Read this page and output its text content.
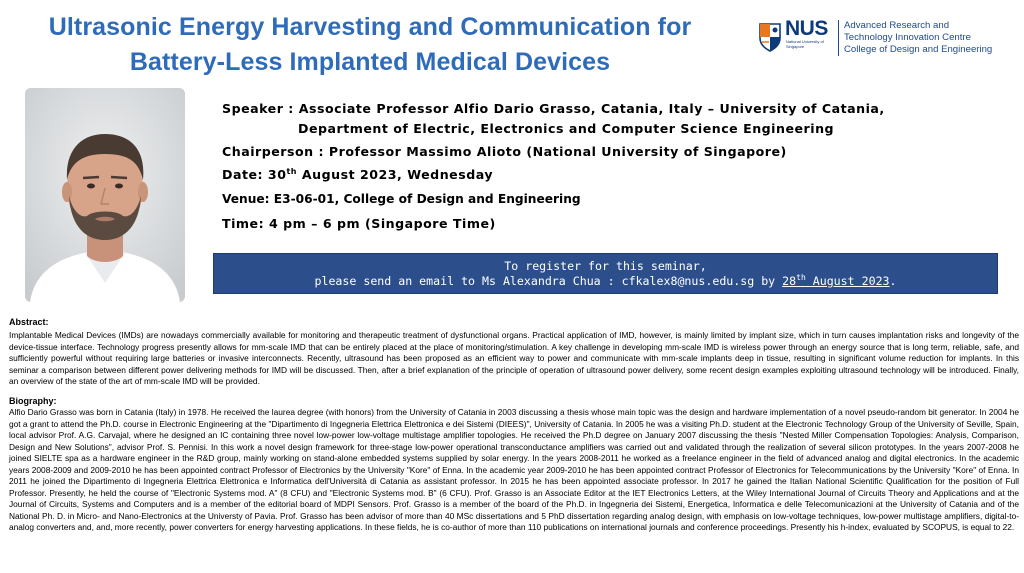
Ultrasonic Energy Harvesting and Communication for
Battery-Less Implanted Medical Devices
NUS
National University of Singapore
Advanced Research and
Technology Innovation Centre
College of Design and Engineering
Speaker : Associate Professor Alfio Dario Grasso, Catania, Italy – University of Catania,
Department of Electric, Electronics and Computer Science Engineering
Chairperson : Professor Massimo Alioto (National University of Singapore)
Date: 30th August 2023, Wednesday
Venue: E3-06-01, College of Design and Engineering
Time: 4 pm – 6 pm (Singapore Time)
To register for this seminar,
please send an email to Ms Alexandra Chua : cfkalex8@nus.edu.sg by 28th August 2023.
Abstract:
Implantable Medical Devices (IMDs) are nowadays commercially available for monitoring and therapeutic treatment of dysfunctional organs. Practical application of IMD, however, is mainly limited by implant size, which in turn causes implantation risks and longevity of the device-tissue interface. Technology progress presently allows for mm-scale IMD that can be entirely placed at the place of monitoring/stimulation. A key challenge in developing mm-scale IMD is wireless power through an energy source that is long term, reliable, safe, and sufficiently powerful without requiring large batteries or invasive interconnects. Recently, ultrasound has been proposed as an efficient way to power and communicate with mm-scale implants deep in tissue, resulting in significant volume reduction for implants. In this seminar a comparison between different power delivering methods for IMD will be discussed. Then, after a brief explanation of the principle of operation of ultrasound power delivery, some recent design examples exploiting ultrasound technology will be introduced. Finally, an overview of the state of the art of mm-scale IMD will be provided.
Biography:
Alfio Dario Grasso was born in Catania (Italy) in 1978. He received the laurea degree (with honors) from the University of Catania in 2003 discussing a thesis whose main topic was the design and hardware implementation of a novel pseudo-random bit generator. In 2004 he got a grant to attend the Ph.D. course in Electronic Engineering at the "Dipartimento di Ingegneria Elettrica Elettronica e dei Sistemi (DIEES)", University of Catania. In 2005 he was a visiting Ph.D. student at the Electronic Technology Group of the University of Seville, Spain, local advisor Prof. A.G. Carvajal, where he designed an IC containing three novel low-power low-voltage multistage amplifier topologies. He received the Ph.D degree on January 2007 discussing the thesis "Nested Miller Compensation Topologies: Analysis, Comparison, Design and New Solutions", advisor Prof. S. Pennisi. In this work a novel design framework for three-stage low-power operational transconductance amplifiers was carried out and validated through the realization of several silicon prototypes. In the years 2007-2008 he joined SIELTE spa as a hardware engineer in the R&D group, mainly working on stand-alone embedded systems supplied by solar energy. In the years 2008-2011 he worked as a freelance engineer in the field of advanced analog and digital electronics. In the academic years 2008-2009 and 2009-2010 he has been appointed contract Professor of Electronics by the University "Kore" of Enna. In the academic year 2009-2010 he has been appointed contract Professor of Electronics for Telecommunications by the University "Kore" of Enna. In 2011 he joined the Dipartimento di Ingegneria Elettrica Elettronica e Informatica dell'Università di Catania as assistant professor. In 2015 he has been appointed associate professor. In 2017 he gained the Italian National Scientific Qualification for the position of Full Professor. Presently, he held the course of "Electronic Systems mod. A" (8 CFU) and "Electronic Systems mod. B" (6 CFU). Prof. Grasso is an Associate Editor at the IET Electronics Letters, at the Wiley International Journal of Circuits Theory and Applications and at the Journal of Circuits, Systems and Computers and is a member of the editorial board of MDPI Sensors. Prof. Grasso is a member of the board of the Ph.D. in Ingegneria dei Sistemi, Energetica, Informatica e delle Telecomunicazioni at the University of Catania and of the National Ph. D. in Micro- and Nano-Electronics at the Universty of Pavia. Prof. Grasso has been advisor of more than 40 MSc dissertations and 5 PhD dissertation regarding analog design, with emphasis on low-voltage techniques, low-power multistage amplifiers, digital-to-analog converters and, and, more recently, power converters for energy harvesting applications. In these fields, he is co-author of more than 110 publications on international journals and conference proceedings. Presently his h-index, evaluated by SCOPUS, is equal to 22.
